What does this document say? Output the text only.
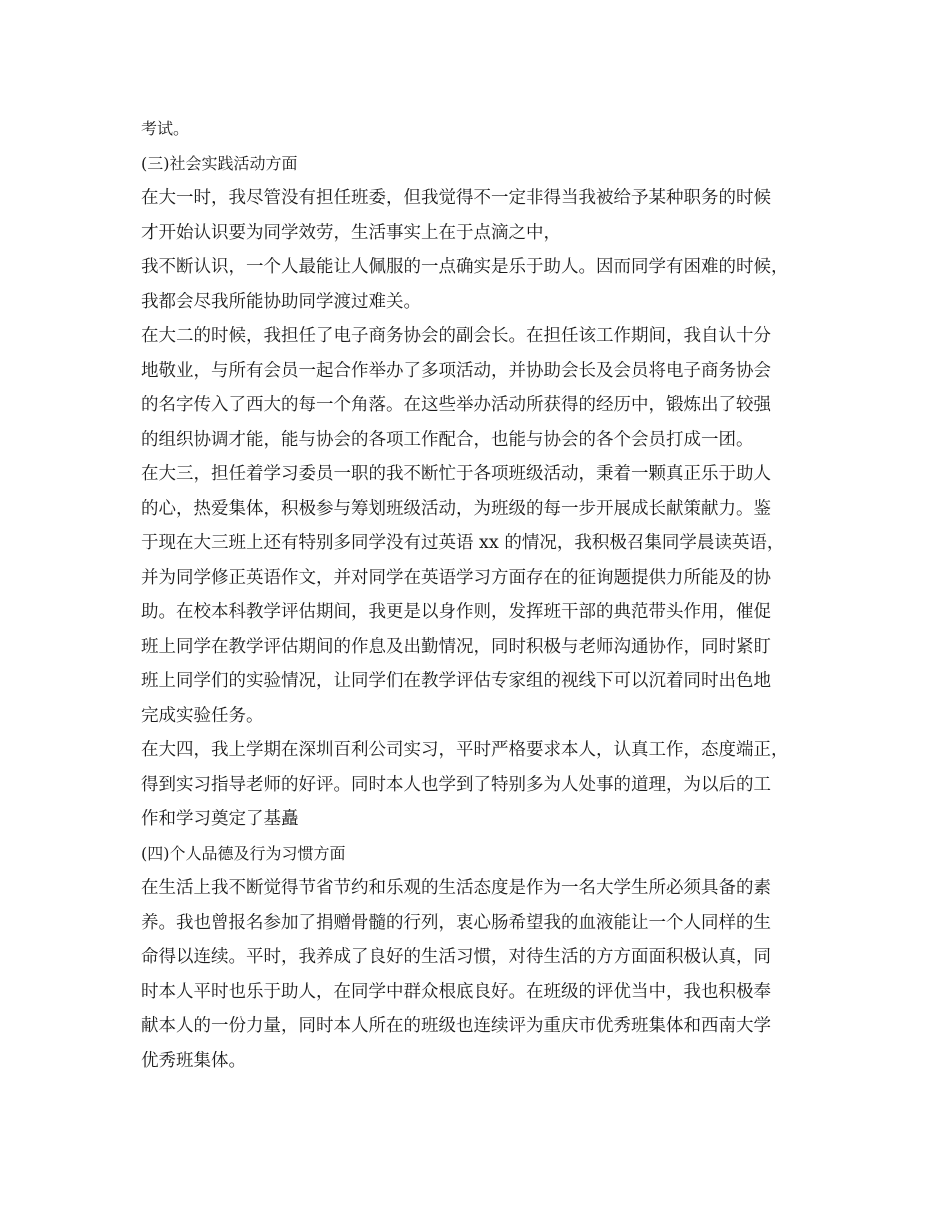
考试。
(三)社会实践活动方面
在大一时，我尽管没有担任班委，但我觉得不一定非得当我被给予某种职务的时候
才开始认识要为同学效劳，生活事实上在于点滴之中，
我不断认识，一个人最能让人佩服的一点确实是乐于助人。因而同学有困难的时候，
我都会尽我所能协助同学渡过难关。
在大二的时候，我担任了电子商务协会的副会长。在担任该工作期间，我自认十分
地敬业，与所有会员一起合作举办了多项活动，并协助会长及会员将电子商务协会
的名字传入了西大的每一个角落。在这些举办活动所获得的经历中，锻炼出了较强
的组织协调才能，能与协会的各项工作配合，也能与协会的各个会员打成一团。
在大三，担任着学习委员一职的我不断忙于各项班级活动，秉着一颗真正乐于助人
的心，热爱集体，积极参与筹划班级活动，为班级的每一步开展成长献策献力。鉴
于现在大三班上还有特别多同学没有过英语 xx 的情况，我积极召集同学晨读英语，
并为同学修正英语作文，并对同学在英语学习方面存在的征询题提供力所能及的协
助。在校本科教学评估期间，我更是以身作则，发挥班干部的典范带头作用，催促
班上同学在教学评估期间的作息及出勤情况，同时积极与老师沟通协作，同时紧盯
班上同学们的实验情况，让同学们在教学评估专家组的视线下可以沉着同时出色地
完成实验任务。
在大四，我上学期在深圳百利公司实习，平时严格要求本人，认真工作，态度端正，
得到实习指导老师的好评。同时本人也学到了特别多为人处事的道理，为以后的工
作和学习奠定了基矗
(四)个人品德及行为习惯方面
在生活上我不断觉得节省节约和乐观的生活态度是作为一名大学生所必须具备的素
养。我也曾报名参加了捐赠骨髓的行列，衷心肠希望我的血液能让一个人同样的生
命得以连续。平时，我养成了良好的生活习惯，对待生活的方方面面积极认真，同
时本人平时也乐于助人，在同学中群众根底良好。在班级的评优当中，我也积极奉
献本人的一份力量，同时本人所在的班级也连续评为重庆市优秀班集体和西南大学
优秀班集体。
